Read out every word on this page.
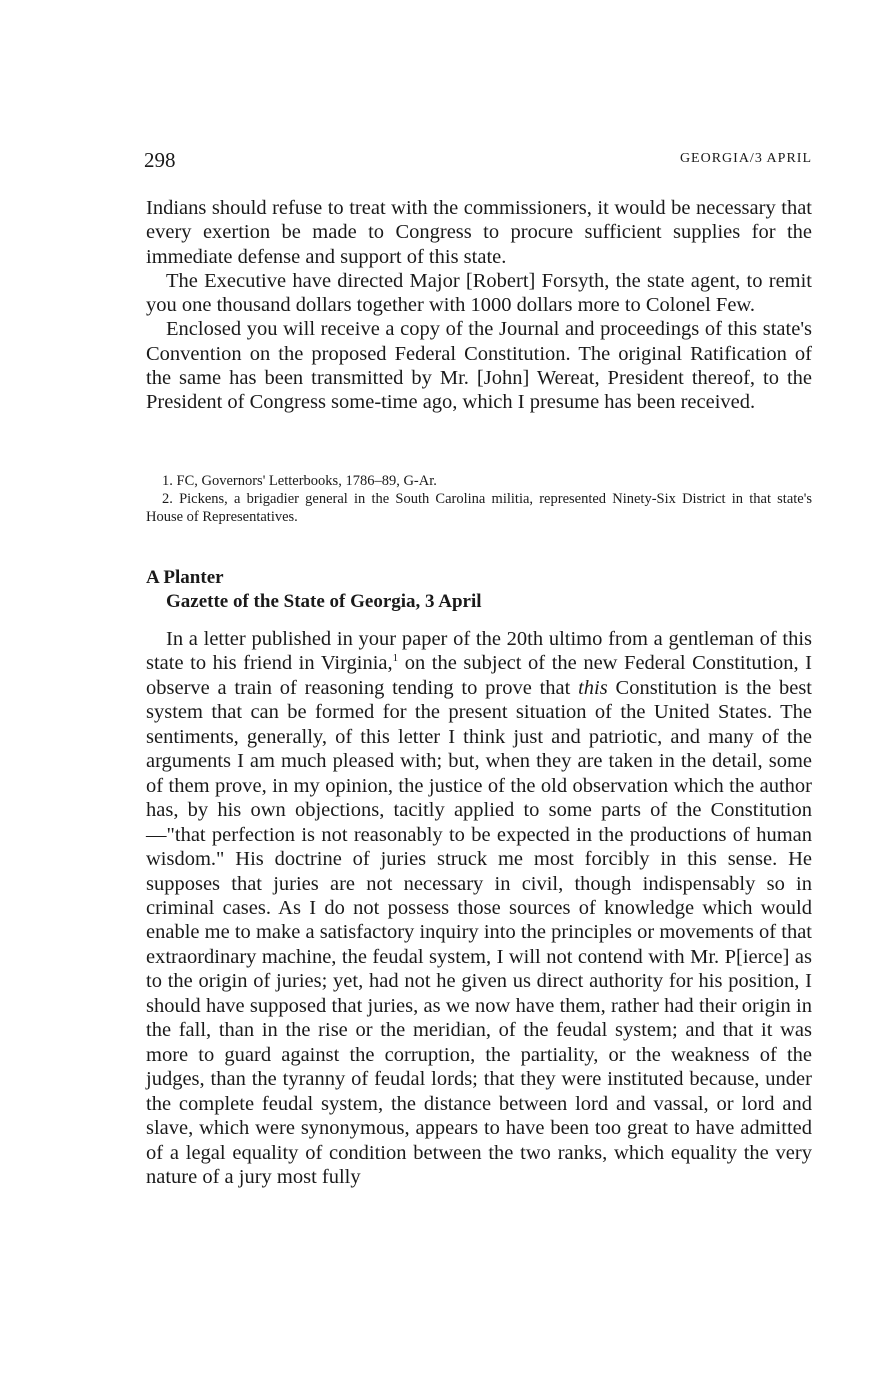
298	GEORGIA/3 APRIL

Indians should refuse to treat with the commissioners, it would be necessary that every exertion be made to Congress to procure sufficient supplies for the immediate defense and support of this state.

The Executive have directed Major [Robert] Forsyth, the state agent, to remit you one thousand dollars together with 1000 dollars more to Colonel Few.

Enclosed you will receive a copy of the Journal and proceedings of this state's Convention on the proposed Federal Constitution. The original Ratification of the same has been transmitted by Mr. [John] Wereat, President thereof, to the President of Congress some-time ago, which I presume has been received.

1. FC, Governors' Letterbooks, 1786–89, G-Ar.

2. Pickens, a brigadier general in the South Carolina militia, represented Ninety-Six District in that state's House of Representatives.

A Planter
Gazette of the State of Georgia, 3 April

In a letter published in your paper of the 20th ultimo from a gentleman of this state to his friend in Virginia,$^1$ on the subject of the new Federal Constitution, I observe a train of reasoning tending to prove that this Constitution is the best system that can be formed for the present situation of the United States. The sentiments, generally, of this letter I think just and patriotic, and many of the arguments I am much pleased with; but, when they are taken in the detail, some of them prove, in my opinion, the justice of the old observation which the author has, by his own objections, tacitly applied to some parts of the Constitution—"that perfection is not reasonably to be expected in the productions of human wisdom." His doctrine of juries struck me most forcibly in this sense. He supposes that juries are not necessary in civil, though indispensably so in criminal cases. As I do not possess those sources of knowledge which would enable me to make a satisfactory inquiry into the principles or movements of that extraordinary machine, the feudal system, I will not contend with Mr. P[ierce] as to the origin of juries; yet, had not he given us direct authority for his position, I should have supposed that juries, as we now have them, rather had their origin in the fall, than in the rise or the meridian, of the feudal system; and that it was more to guard against the corruption, the partiality, or the weakness of the judges, than the tyranny of feudal lords; that they were instituted because, under the complete feudal system, the distance between lord and vassal, or lord and slave, which were synonymous, appears to have been too great to have admitted of a legal equality of condition between the two ranks, which equality the very nature of a jury most fully
